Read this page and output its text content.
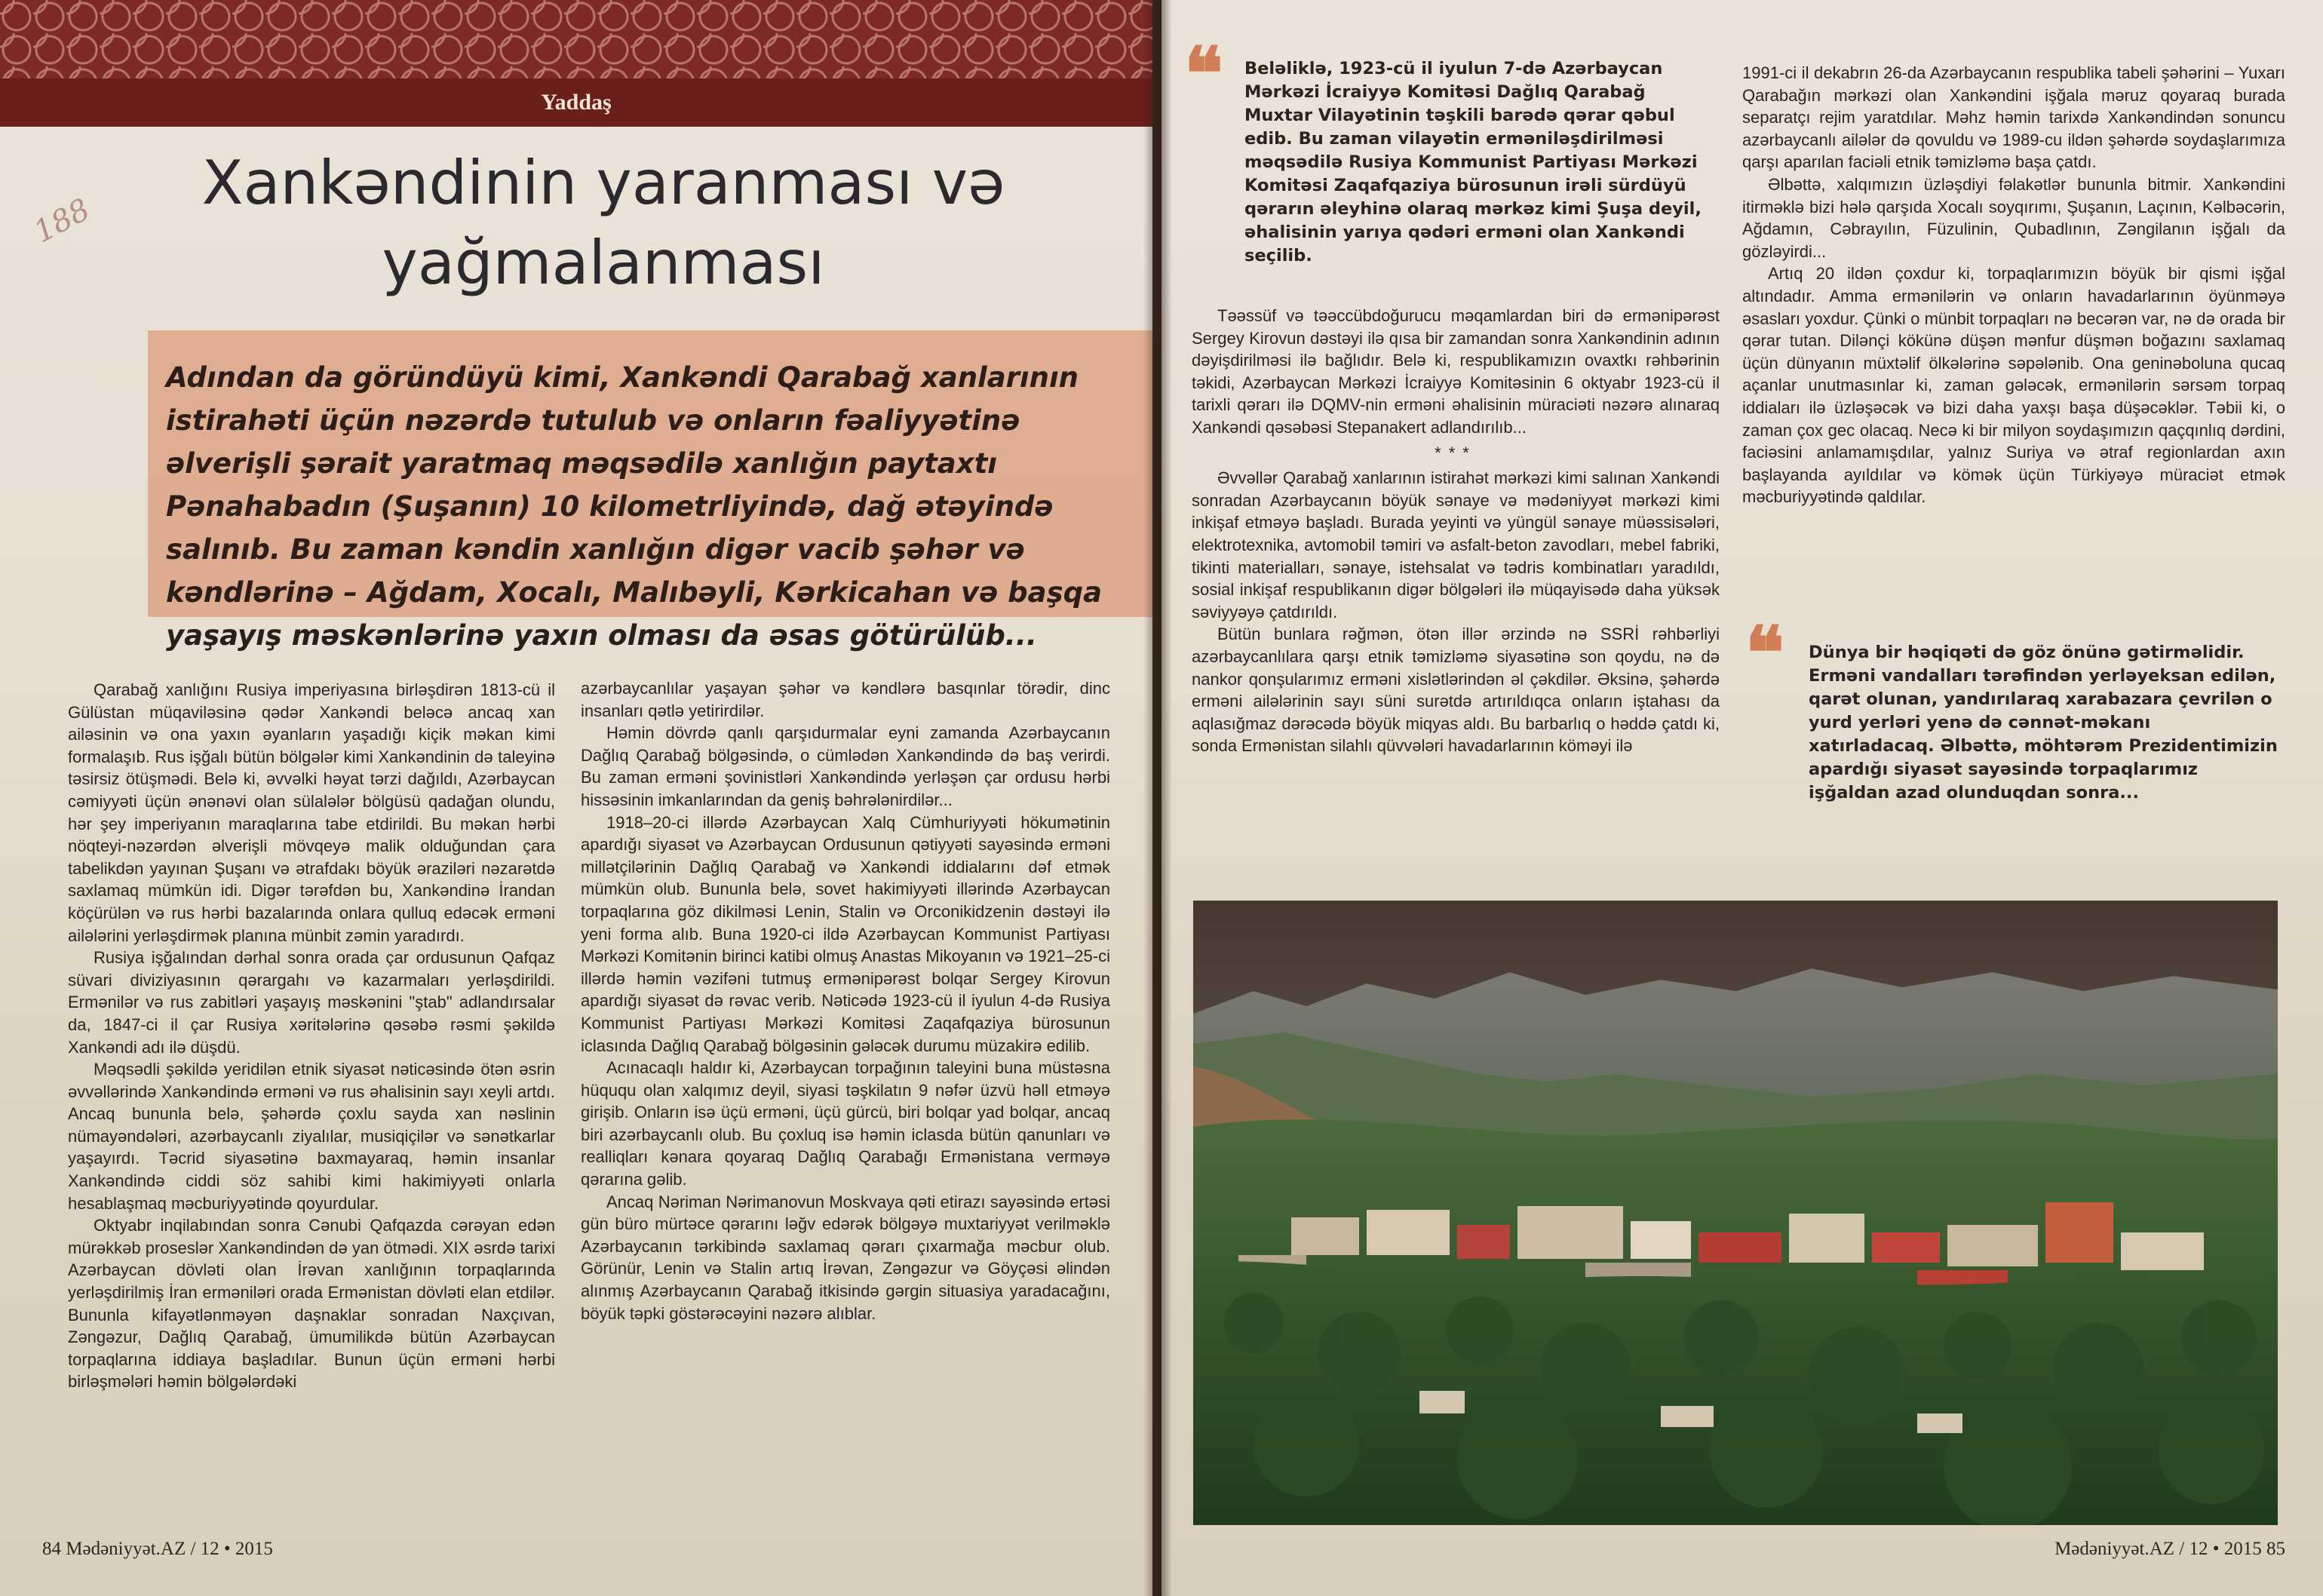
Yaddaş
188
Xankəndinin yaranması və
yağmalanması
Adından da göründüyü kimi, Xankəndi Qarabağ xanlarının istirahəti üçün nəzərdə tutulub və onların fəaliyyətinə əlverişli şərait yaratmaq məqsədilə xanlığın paytaxtı Pənahabadın (Şuşanın) 10 kilometrliyində, dağ ətəyində salınıb. Bu zaman kəndin xanlığın digər vacib şəhər və kəndlərinə – Ağdam, Xocalı, Malıbəyli, Kərkicahan və başqa yaşayış məskənlərinə yaxın olması da əsas götürülüb...

Qarabağ xanlığını Rusiya imperiyasına birləşdirən 1813-cü il Gülüstan müqaviləsinə qədər Xankəndi beləcə ancaq xan ailəsinin və ona yaxın əyanların yaşadığı kiçik məkan kimi formalaşıb. Rus işğalı bütün bölgələr kimi Xankəndinin də taleyinə təsirsiz ötüşmədi. Belə ki, əvvəlki həyat tərzi dağıldı, Azərbaycan cəmiyyəti üçün ənənəvi olan sülalələr bölgüsü qadağan olundu, hər şey imperiyanın maraqlarına tabe etdirildi. Bu məkan hərbi nöqteyi-nəzərdən əlverişli mövqeyə malik olduğundan çara tabelikdən yayınan Şuşanı və ətrafdakı böyük əraziləri nəzarətdə saxlamaq mümkün idi. Digər tərəfdən bu, Xankəndinə İrandan köçürülən və rus hərbi bazalarında onlara qulluq edəcək erməni ailələrini yerləşdirmək planına münbit zəmin yaradırdı.

Rusiya işğalından dərhal sonra orada çar ordusunun Qafqaz süvari diviziyasının qərargahı və kazarmaları yerləşdirildi. Ermənilər və rus zabitləri yaşayış məskənini "ştab" adlandırsalar da, 1847-ci il çar Rusiya xəritələrinə qəsəbə rəsmi şəkildə Xankəndi adı ilə düşdü.

Məqsədli şəkildə yeridilən etnik siyasət nəticəsində ötən əsrin əvvəllərində Xankəndində erməni və rus əhalisinin sayı xeyli artdı. Ancaq bununla belə, şəhərdə çoxlu sayda xan nəslinin nümayəndələri, azərbaycanlı ziyalılar, musiqiçilər və sənətkarlar yaşayırdı. Təcrid siyasətinə baxmayaraq, həmin insanlar Xankəndində ciddi söz sahibi kimi hakimiyyəti onlarla hesablaşmaq məcburiyyətində qoyurdular.

Oktyabr inqilabından sonra Cənubi Qafqazda cərəyan edən mürəkkəb proseslər Xankəndindən də yan ötmədi. XIX əsrdə tarixi Azərbaycan dövləti olan İrəvan xanlığının torpaqlarında yerləşdirilmiş İran erməniləri orada Ermənistan dövləti elan etdilər. Bununla kifayətlənməyən daşnaklar sonradan Naxçıvan, Zəngəzur, Dağlıq Qarabağ, ümumilikdə bütün Azərbaycan torpaqlarına iddiaya başladılar. Bunun üçün erməni hərbi birləşmələri həmin bölgələrdəki

azərbaycanlılar yaşayan şəhər və kəndlərə basqınlar törədir, dinc insanları qətlə yetirirdilər.

Həmin dövrdə qanlı qarşıdurmalar eyni zamanda Azərbaycanın Dağlıq Qarabağ bölgəsində, o cümlədən Xankəndində də baş verirdi. Bu zaman erməni şovinistləri Xankəndində yerləşən çar ordusu hərbi hissəsinin imkanlarından da geniş bəhrələnirdilər...

1918–20-ci illərdə Azərbaycan Xalq Cümhuriyyəti hökumətinin apardığı siyasət və Azərbaycan Ordusunun qətiyyəti sayəsində erməni millətçilərinin Dağlıq Qarabağ və Xankəndi iddialarını dəf etmək mümkün olub. Bununla belə, sovet hakimiyyəti illərində Azərbaycan torpaqlarına göz dikilməsi Lenin, Stalin və Orconikidzenin dəstəyi ilə yeni forma alıb. Buna 1920-ci ildə Azərbaycan Kommunist Partiyası Mərkəzi Komitənin birinci katibi olmuş Anastas Mikoyanın və 1921–25-ci illərdə həmin vəzifəni tutmuş ermənipərəst bolqar Sergey Kirovun apardığı siyasət də rəvac verib. Nəticədə 1923-cü il iyulun 4-də Rusiya Kommunist Partiyası Mərkəzi Komitəsi Zaqafqaziya bürosunun iclasında Dağlıq Qarabağ bölgəsinin gələcək durumu müzakirə edilib.

Acınacaqlı haldır ki, Azərbaycan torpağının taleyini buna müstəsna hüququ olan xalqımız deyil, siyasi təşkilatın 9 nəfər üzvü həll etməyə girişib. Onların isə üçü erməni, üçü gürcü, biri bolqar yad bolqar, ancaq biri azərbaycanlı olub. Bu çoxluq isə həmin iclasda bütün qanunları və realliqları kənara qoyaraq Dağlıq Qarabağı Ermənistana verməyə qərarına gəlib.

Ancaq Nəriman Nərimanovun Moskvaya qəti etirazı sayəsində ertəsi gün büro mürtəce qərarını ləğv edərək bölgəyə muxtariyyət verilməklə Azərbaycanın tərkibində saxlamaq qərarı çıxarmağa məcbur olub. Görünür, Lenin və Stalin artıq İrəvan, Zəngəzur və Göyçəsi əlindən alınmış Azərbaycanın Qarabağ itkisində gərgin situasiya yaradacağını, böyük təpki göstərəcəyini nəzərə alıblar.

84 Mədəniyyət.AZ / 12 • 2015
❝ Beləliklə, 1923-cü il iyulun 7-də Azərbaycan Mərkəzi İcraiyyə Komitəsi Dağlıq Qarabağ Muxtar Vilayətinin təşkili barədə qərar qəbul edib. Bu zaman vilayətin erməniləşdirilməsi məqsədilə Rusiya Kommunist Partiyası Mərkəzi Komitəsi Zaqafqaziya bürosunun irəli sürdüyü qərarın əleyhinə olaraq mərkəz kimi Şuşa deyil, əhalisinin yarıya qədəri erməni olan Xankəndi seçilib.

Təəssüf və təəccübdoğurucu məqamlardan biri də ermənipərəst Sergey Kirovun dəstəyi ilə qısa bir zamandan sonra Xankəndinin adının dəyişdirilməsi ilə bağlıdır. Belə ki, respublikamızın ovaxtkı rəhbərinin təkidi, Azərbaycan Mərkəzi İcraiyyə Komitəsinin 6 oktyabr 1923-cü il tarixli qərarı ilə DQMV-nin erməni əhalisinin müraciəti nəzərə alınaraq Xankəndi qəsəbəsi Stepanakert adlandırılıb...

***

Əvvəllər Qarabağ xanlarının istirahət mərkəzi kimi salınan Xankəndi sonradan Azərbaycanın böyük sənaye və mədəniyyət mərkəzi kimi inkişaf etməyə başladı. Burada yeyinti və yüngül sənaye müəssisələri, elektrotexnika, avtomobil təmiri və asfalt-beton zavodları, mebel fabriki, tikinti materialları, sənaye, istehsalat və tədris kombinatları yaradıldı, sosial inkişaf respublikanın digər bölgələri ilə müqayisədə daha yüksək səviyyəyə çatdırıldı.

Bütün bunlara rəğmən, ötən illər ərzində nə SSRİ rəhbərliyi azərbaycanlılara qarşı etnik təmizləmə siyasətinə son qoydu, nə də nankor qonşularımız erməni xislətlərindən əl çəkdilər. Əksinə, şəhərdə erməni ailələrinin sayı süni surətdə artırıldıqca onların iştahası da aqlasığmaz dərəcədə böyük miqyas aldı. Bu barbarlıq o həddə çatdı ki, sonda Ermənistan silahlı qüvvələri havadarlarının köməyi ilə

1991-ci il dekabrın 26-da Azərbaycanın respublika tabeli şəhərini – Yuxarı Qarabağın mərkəzi olan Xankəndini işğala məruz qoyaraq burada separatçı rejim yaratdılar. Məhz həmin tarixdə Xankəndindən sonuncu azərbaycanlı ailələr də qovuldu və 1989-cu ildən şəhərdə soydaşlarımıza qarşı aparılan faciəli etnik təmizləmə başa çatdı.

Əlbəttə, xalqımızın üzləşdiyi fəlakətlər bununla bitmir. Xankəndini itirməklə bizi hələ qarşıda Xocalı soyqırımı, Şuşanın, Laçının, Kəlbəcərin, Ağdamın, Cəbrayılın, Füzulinin, Qubadlının, Zəngilanın işğalı da gözləyirdi...

Artıq 20 ildən çoxdur ki, torpaqlarımızın böyük bir qismi işğal altındadır. Amma ermənilərin və onların havadarlarının öyünməyə əsasları yoxdur. Çünki o münbit torpaqları nə becərən var, nə də orada bir qərar tutan. Dilənçi kökünə düşən mənfur düşmən boğazını saxlamaq üçün dünyanın müxtəlif ölkələrinə səpələnib. Ona geninəboluna qucaq açanlar unutmasınlar ki, zaman gələcək, ermənilərin sərsəm torpaq iddiaları ilə üzləşəcək və bizi daha yaxşı başa düşəcəklər. Təbii ki, o zaman çox gec olacaq. Necə ki bir milyon soydaşımızın qaçqınlıq dərdini, faciəsini anlamamışdılar, yalnız Suriya və ətraf regionlardan axın başlayanda ayıldılar və kömək üçün Türkiyəyə müraciət etmək məcburiyyətində qaldılar.

❝ Dünya bir həqiqəti də göz önünə gətirməlidir. Erməni vandalları tərəfindən yerləyeksan edilən, qarət olunan, yandırılaraq xarabazara çevrilən o yurd yerləri yenə də cənnət-məkanı xatırladacaq. Əlbəttə, möhtərəm Prezidentimizin apardığı siyasət sayəsində torpaqlarımız işğaldan azad olunduqdan sonra...
Mədəniyyət.AZ / 12 • 2015 85
